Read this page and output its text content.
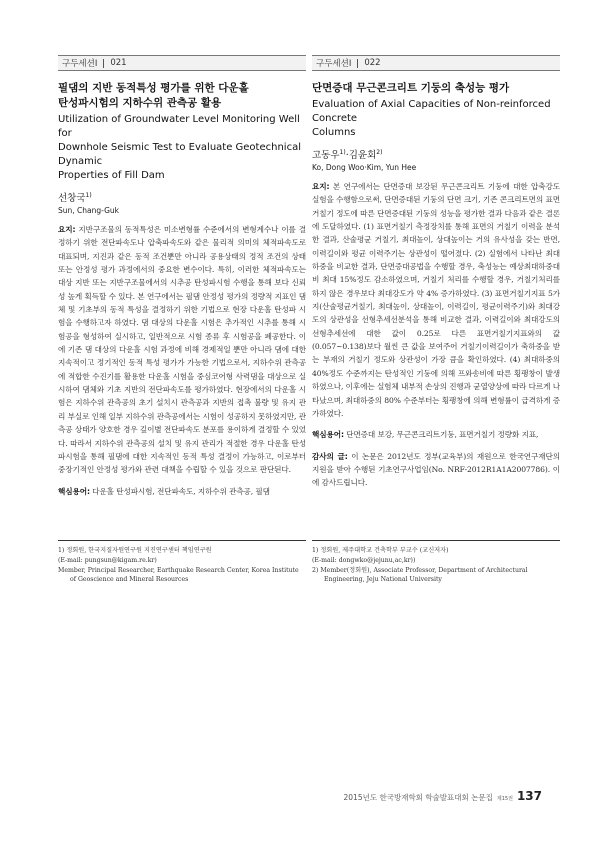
구두세션Ⅰ 021
필댐의 지반 동적특성 평가를 위한 다운홀
탄성파시험의 지하수위 관측공 활용
Utilization of Groundwater Level Monitoring Well for
Downhole Seismic Test to Evaluate Geotechnical Dynamic
Properties of Fill Dam
선창국$^{1)}$
Sun, Chang-Guk
요지: 지반구조물의 동적특성은 미소변형률 수준에서의 변형계수나 이를 결정하기 위한 전단파속도나 압축파속도와 같은 물리적 의미의 체적파속도로 대표되며, 지진과 같은 동적 조건뿐만 아니라 공용상태의 정적 조건의 상태 또는 안정성 평가 과정에서의 중요한 변수이다. 특히, 이러한 체적파속도는 대상 지반 또는 지반구조물에서의 시추공 탄성파시험 수행을 통해 보다 신뢰성 높게 획득할 수 있다. 본 연구에서는 필댐 안정성 평가의 정량적 지표인 댐체 및 기초부의 동적 특성을 결정하기 위한 기법으로 현장 다운홀 탄성파 시험을 수행하고자 하였다. 댐 대상의 다운홀 시험은 추가적인 시추를 통해 시험공을 형성하여 실시하고, 일반적으로 시험 종류 후 시험공을 폐공한다. 이에 기존 댐 대상의 다운홀 시험 과정에 비해 경제적일 뿐만 아니라 댐에 대한 지속적이고 정기적인 동적 특성 평가가 가능한 기법으로서, 지하수위 관측공에 적합한 수진기를 활용한 다운홀 시험을 중심코어형 사력댐을 대상으로 실시하여 댐체와 기초 지반의 전단파속도를 평가하였다. 현장에서의 다운홀 시험은 지하수위 관측공의 초기 설치시 관측공과 지반의 접촉 불량 및 유지 관리 부실로 인해 일부 지하수위 관측공에서는 시험이 성공하지 못하였지만, 관측공 상태가 양호한 경우 깊이별 전단파속도 분포를 용이하게 결정할 수 있었다. 따라서 지하수위 관측공의 설치 및 유지 관리가 적절한 경우 다운홀 탄성파시험을 통해 필댐에 대한 지속적인 동적 특성 결정이 가능하고, 이로부터 중장기적인 안정성 평가와 관련 대책을 수립할 수 있을 것으로 판단된다.
핵심용어: 다운홀 탄성파시험, 전단파속도, 지하수위 관측공, 필댐
구두세션Ⅰ 022
단면증대 무근콘크리트 기둥의 축성능 평가
Evaluation of Axial Capacities of Non-reinforced Concrete
Columns
고동우$^{1)}$·김윤회$^{2)}$
Ko, Dong Woo·Kim, Yun Hee
요지: 본 연구에서는 단면증대 보강된 무근콘크리트 기둥에 대한 압축강도 실험을 수행함으로써, 단면증대된 기둥의 단면 크기, 기존 콘크리트면의 표면거칠기 정도에 따른 단면증대된 기둥의 성능을 평가한 결과 다음과 같은 결론에 도달하였다. (1) 표면거칠기 측정장치를 통해 표면의 거칠기 이력을 분석한 결과, 산술평균 거칠기, 최대높이, 상대높이는 거의 유사성을 갖는 반면, 이력길이와 평균 이력주기는 상관성이 떨어졌다. (2) 실험에서 나타난 최대하중을 비교한 결과, 단면증대공법을 수행할 경우, 축성능는 예상최대하중대비 최대 15%정도 감소하였으며, 거칠기 처리를 수행할 경우, 거칠기처리를 하지 않은 경우보다 최대강도가 약 4% 증가하였다. (3) 표면거칠기지표 5가지(산술평균거칠기, 최대높이, 상대높이, 이력길이, 평균이력주기)와 최대강도의 상관성을 선형추세선분석을 통해 비교한 결과, 이력길이와 최대강도의 선형추세선에 대한 값이 0.25로 다른 표면거칠기지표와의 값 (0.057~0.138)보다 월씬 큰 값을 보여주어 거칠기이력길이가 축하중을 받는 부재의 거칠기 정도와 상관성이 가장 큼을 확인하였다. (4) 최대하중의 40%정도 수준까지는 탄성적인 기둥에 의해 프와송비에 따른 횡팽창이 발생하였으나, 이후에는 실험체 내부적 손상의 진행과 균열양상에 따라 다르게 나타났으며, 최대하중의 80% 수준부터는 횡팽창에 의해 변형률이 급격하게 증가하였다.
핵심용어: 단면증대 보강, 무근콘크리트기둥, 표면거칠기 정량화 지표,
감사의 글: 이 논문은 2012년도 정부(교육부)의 재원으로 한국연구재단의 지원을 받아 수행된 기초연구사업임(No. NRF-2012R1A1A2007786). 이에 감사드립니다.
1) 정회원, 한국지질자원연구원 지진연구센터 책임연구원
(E-mail: pungsun@kigam.re.kr)
Member, Principal Researcher, Earthquake Research Center, Korea Institute of Geoscience and Mineral Resources
1) 정회원, 제주대학교 건축학부 부교수 (교신저자)
(E-mail: dongwko@jejunu,ac,kr))
2) Member(정회원), Associate Professor, Department of Architectural Engineering, Jeju National University
2015년도 한국방재학회 학술발표대회 논문집 제15권 137
